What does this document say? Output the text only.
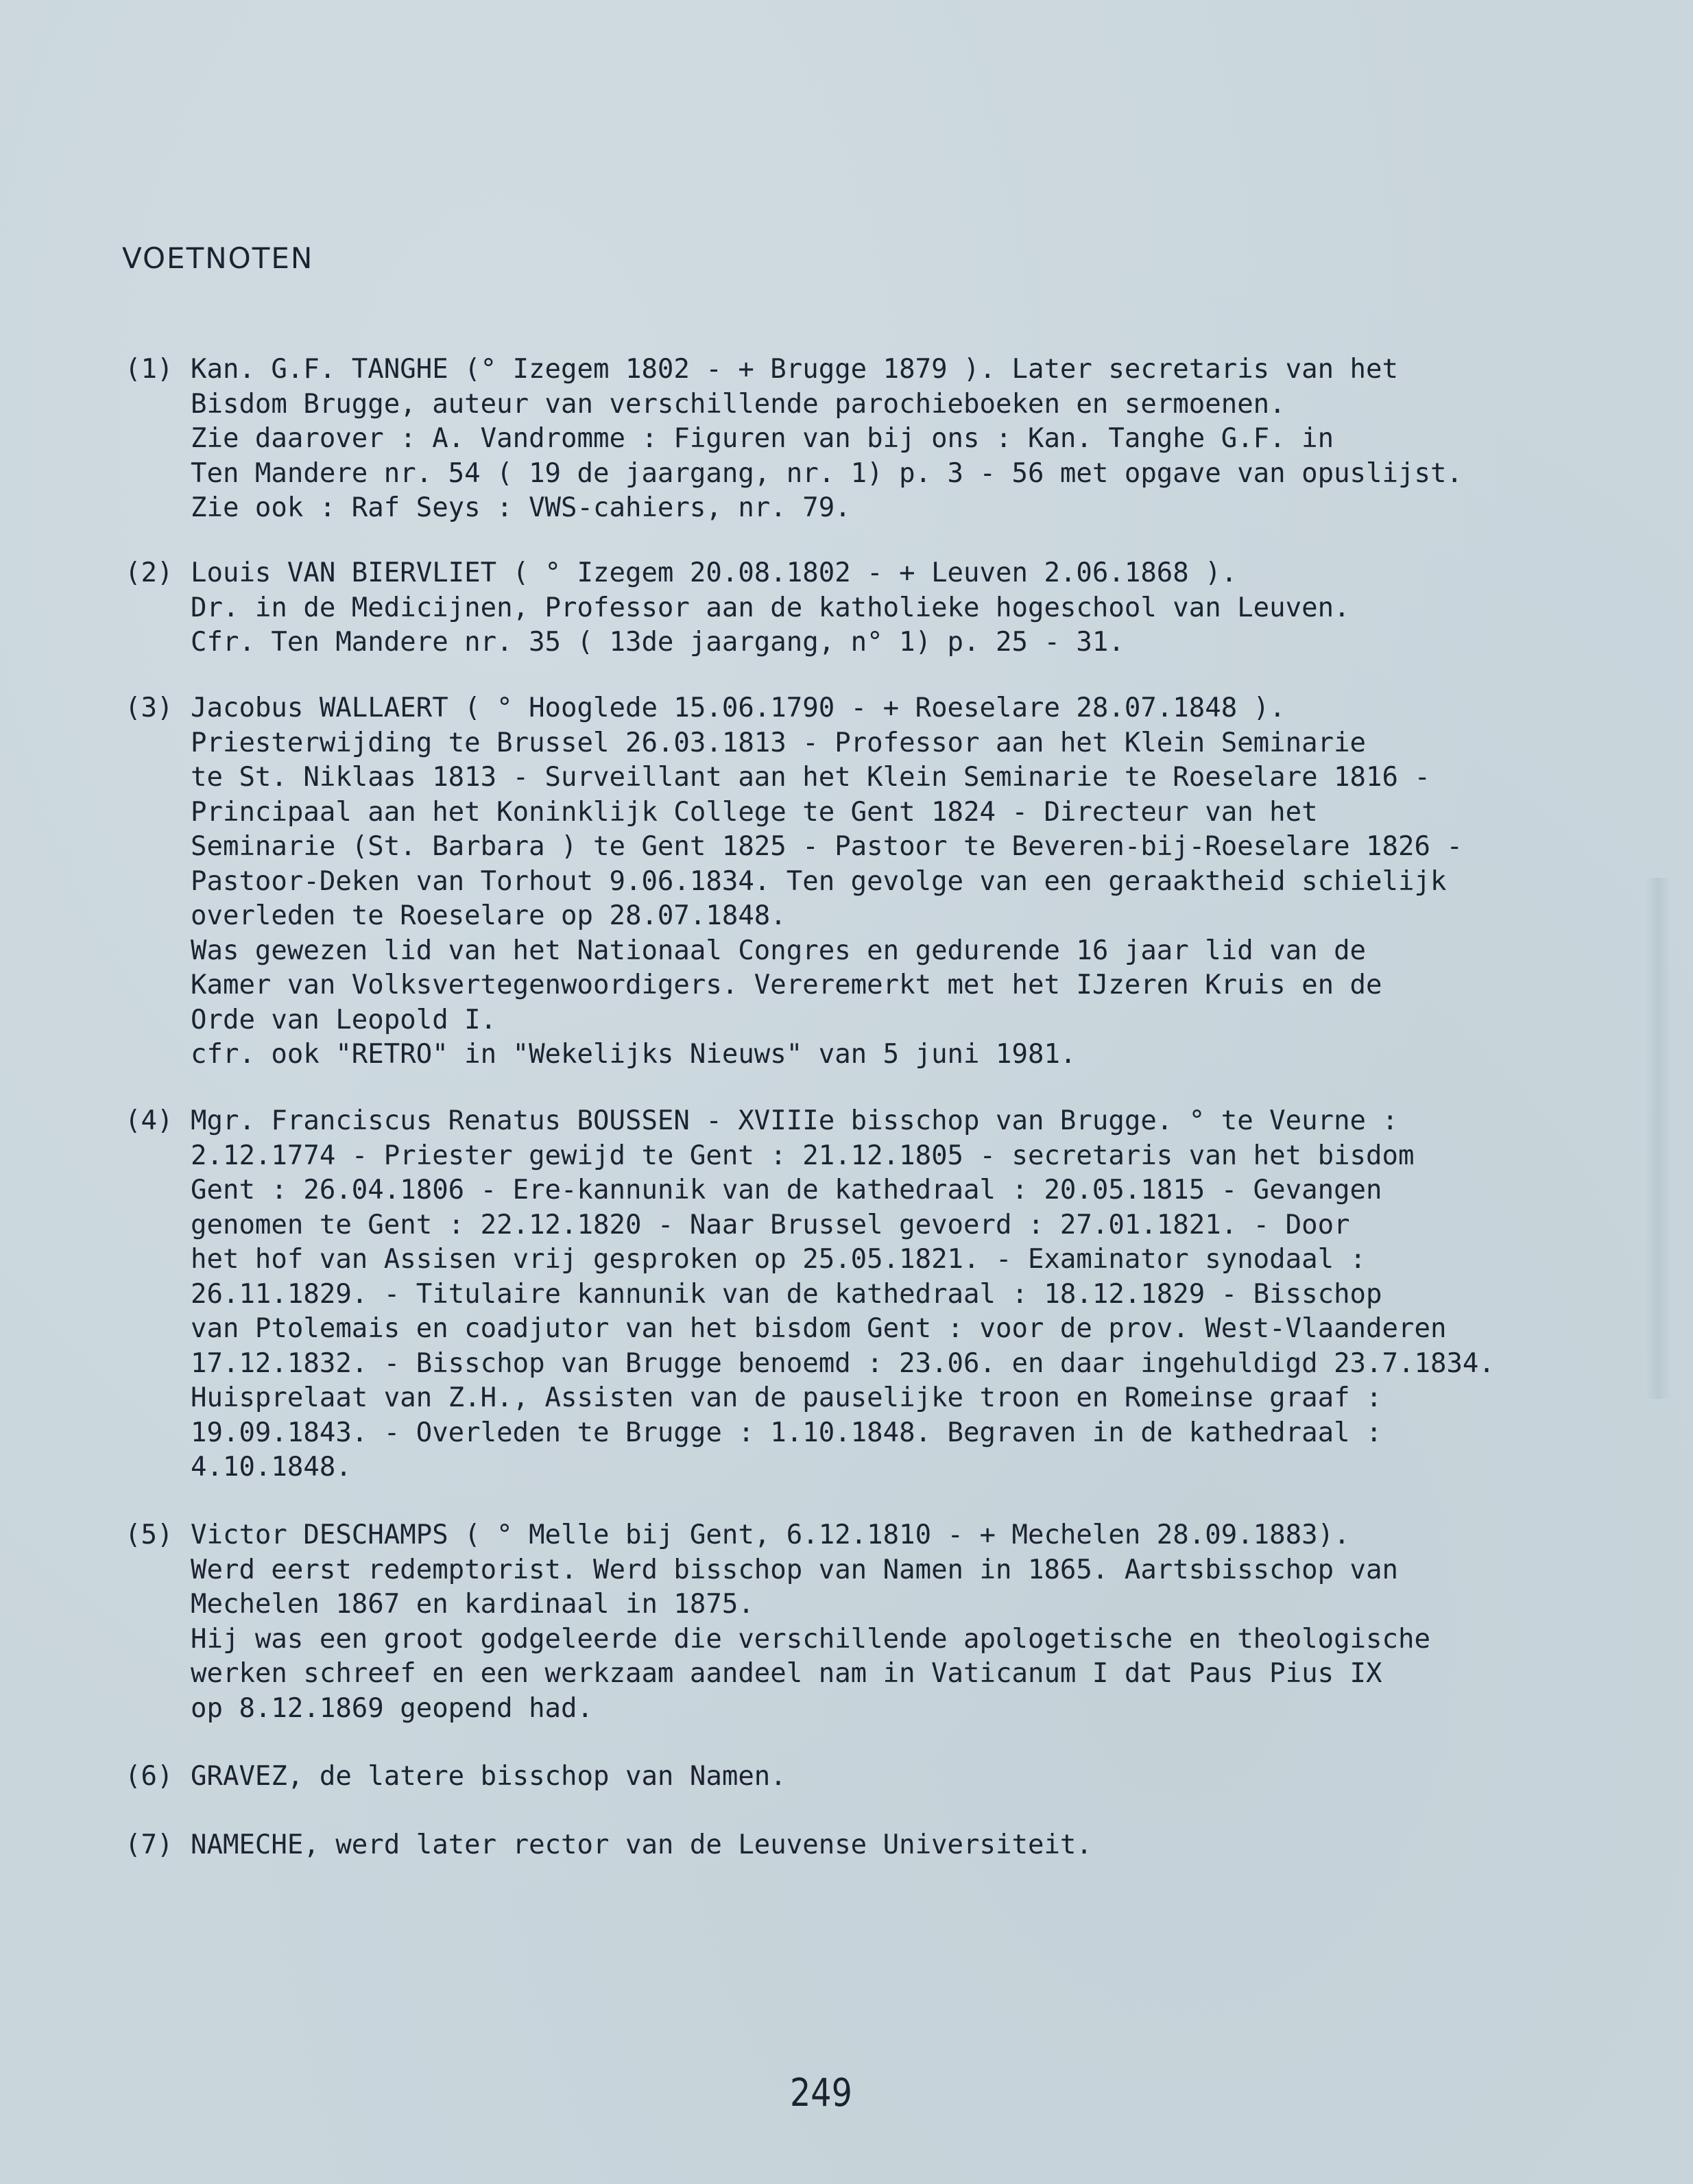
VOETNOTEN
(1) Kan. G.F. TANGHE (° Izegem 1802 - + Brugge 1879 ). Later secretaris van het
Bisdom Brugge, auteur van verschillende parochieboeken en sermoenen.
Zie daarover : A. Vandromme : Figuren van bij ons : Kan. Tanghe G.F. in
Ten Mandere nr. 54 ( 19 de jaargang, nr. 1) p. 3 - 56 met opgave van opuslijst.
Zie ook : Raf Seys : VWS-cahiers, nr. 79.
(2) Louis VAN BIERVLIET ( ° Izegem 20.08.1802 - + Leuven 2.06.1868 ).
Dr. in de Medicijnen, Professor aan de katholieke hogeschool van Leuven.
Cfr. Ten Mandere nr. 35 ( 13de jaargang, n° 1) p. 25 - 31.
(3) Jacobus WALLAERT ( ° Hooglede 15.06.1790 - + Roeselare 28.07.1848 ).
Priesterwijding te Brussel 26.03.1813 - Professor aan het Klein Seminarie
te St. Niklaas 1813 - Surveillant aan het Klein Seminarie te Roeselare 1816 -
Principaal aan het Koninklijk College te Gent 1824 - Directeur van het
Seminarie (St. Barbara ) te Gent 1825 - Pastoor te Beveren-bij-Roeselare 1826 -
Pastoor-Deken van Torhout 9.06.1834. Ten gevolge van een geraaktheid schielijk
overleden te Roeselare op 28.07.1848.
Was gewezen lid van het Nationaal Congres en gedurende 16 jaar lid van de
Kamer van Volksvertegenwoordigers. Vereremerkt met het IJzeren Kruis en de
Orde van Leopold I.
cfr. ook "RETRO" in "Wekelijks Nieuws" van 5 juni 1981.
(4) Mgr. Franciscus Renatus BOUSSEN - XVIIIe bisschop van Brugge. ° te Veurne :
2.12.1774 - Priester gewijd te Gent : 21.12.1805 - secretaris van het bisdom
Gent : 26.04.1806 - Ere-kannunik van de kathedraal : 20.05.1815 - Gevangen
genomen te Gent : 22.12.1820 - Naar Brussel gevoerd : 27.01.1821. - Door
het hof van Assisen vrij gesproken op 25.05.1821. - Examinator synodaal :
26.11.1829. - Titulaire kannunik van de kathedraal : 18.12.1829 - Bisschop
van Ptolemais en coadjutor van het bisdom Gent : voor de prov. West-Vlaanderen
17.12.1832. - Bisschop van Brugge benoemd : 23.06. en daar ingehuldigd 23.7.1834.
Huisprelaat van Z.H., Assisten van de pauselijke troon en Romeinse graaf :
19.09.1843. - Overleden te Brugge : 1.10.1848. Begraven in de kathedraal :
4.10.1848.
(5) Victor DESCHAMPS ( ° Melle bij Gent, 6.12.1810 - + Mechelen 28.09.1883).
Werd eerst redemptorist. Werd bisschop van Namen in 1865. Aartsbisschop van
Mechelen 1867 en kardinaal in 1875.
Hij was een groot godgeleerde die verschillende apologetische en theologische
werken schreef en een werkzaam aandeel nam in Vaticanum I dat Paus Pius IX
op 8.12.1869 geopend had.
(6) GRAVEZ, de latere bisschop van Namen.
(7) NAMECHE, werd later rector van de Leuvense Universiteit.
249
